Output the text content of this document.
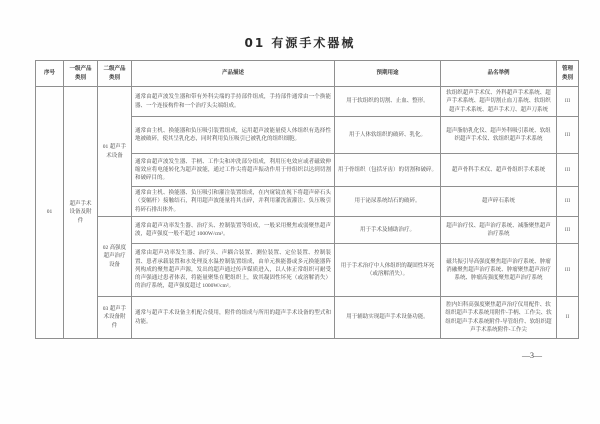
01 有源手术器械
序号	一级产品类别	二级产品类别	产品描述	预期用途	品名举例	管理类别
01	超声手术设备及附件	01 超声手术设备	通常由超声波发生器和带有外科尖端的手持部件组成，手持部件通常由一个换能器、一个连接构件和一个治疗头尖端组成。	用于软组织的切割、止血、整形。	软组织超声手术仪、外科超声手术系统、超声手术系统、超声切割止血刀系统、软组织超声手术系统、超声手术刀、超声刀系统	III
			通常由主机、换能器和负压吸引装置组成，运用超声波能量使人体组织有选择性地被破碎，使其呈乳化态，同时利用负压吸引已被乳化的组织细胞。	用于人体软组织的破碎、乳化。	超声脂肪乳化仪、超声外科吸引系统、软组织超声手术仪、软组织超声手术系统	III
			通常由超声波发生器、手柄、工作尖和冲洗部分组成，利用压电效应或者磁致伸缩效应将电能转化为超声波能，通过工作尖将超声振动作用于骨组织以达到切割和破碎目的。	用于骨组织（包括牙齿）的切割和破碎。	超声骨科手术仪、超声骨组织手术系统	III
			通常由主机、换能器、负压吸引和灌注装置组成，在内窥镜直视下将超声碎石头（变幅杆）接触结石，利用超声波能量将其击碎，并利用灌洗液灌注、负压吸引将碎石排出体外。	用于泌尿系统结石的破碎。	超声碎石系统	III
		02 高强度超声治疗设备	通常由超声功率发生器、治疗头、控制装置等组成，一般采用聚焦或弱聚焦超声波，超声强度一般不超过 1000W/cm²。	用于手术及辅助治疗。	超声治疗仪、超声治疗系统、减脂聚焦超声治疗系统	III
			通常由超声功率发生器、治疗头、声耦合装置、测位装置、定位装置、控制装置、患者承载装置和水处理及水温控制装置组成，由单元换能器或多元换能器阵列构成的聚焦超声声源，发出的超声通过传声媒质进入，以人体正常组织可耐受的声强通过患者体表，将能量聚集在靶组织上，致其凝固性坏死（或溶解消失）的治疗系统，超声强度超过 1000W/cm²。	用于手术治疗中人体组织的凝固性坏死（或溶解消失）。	磁共振引导高强度聚焦超声治疗系统、肿瘤消融聚焦超声治疗系统、肿瘤聚焦超声治疗系统、肿瘤高强度聚焦超声治疗系统	III
		03 超声手术设备附件	通常与超声手术设备主机配合使用，附件的组成与所用的超声手术设备的型式和功能。	用于辅助实现超声手术设备功能。	腔内妇科高强度聚焦超声治疗仪用配件、软组织超声手术系统用附件-手柄、工作尖、软组织超声手术系统附件-导管组件、软组织超声手术系统附件-工作尖	II
—3—
